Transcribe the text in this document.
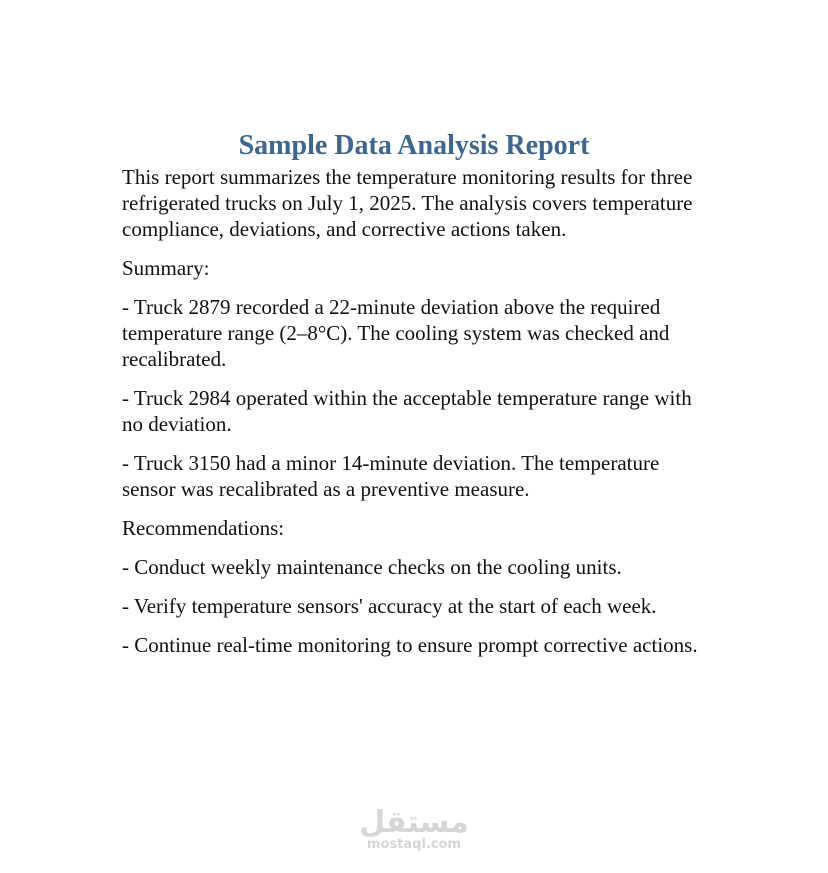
Sample Data Analysis Report

This report summarizes the temperature monitoring results for three refrigerated trucks on July 1, 2025. The analysis covers temperature compliance, deviations, and corrective actions taken.

Summary:

- Truck 2879 recorded a 22-minute deviation above the required temperature range (2–8°C). The cooling system was checked and recalibrated.

- Truck 2984 operated within the acceptable temperature range with no deviation.

- Truck 3150 had a minor 14-minute deviation. The temperature sensor was recalibrated as a preventive measure.

Recommendations:

- Conduct weekly maintenance checks on the cooling units.

- Verify temperature sensors' accuracy at the start of each week.

- Continue real-time monitoring to ensure prompt corrective actions.

مستقل
mostaql.com
